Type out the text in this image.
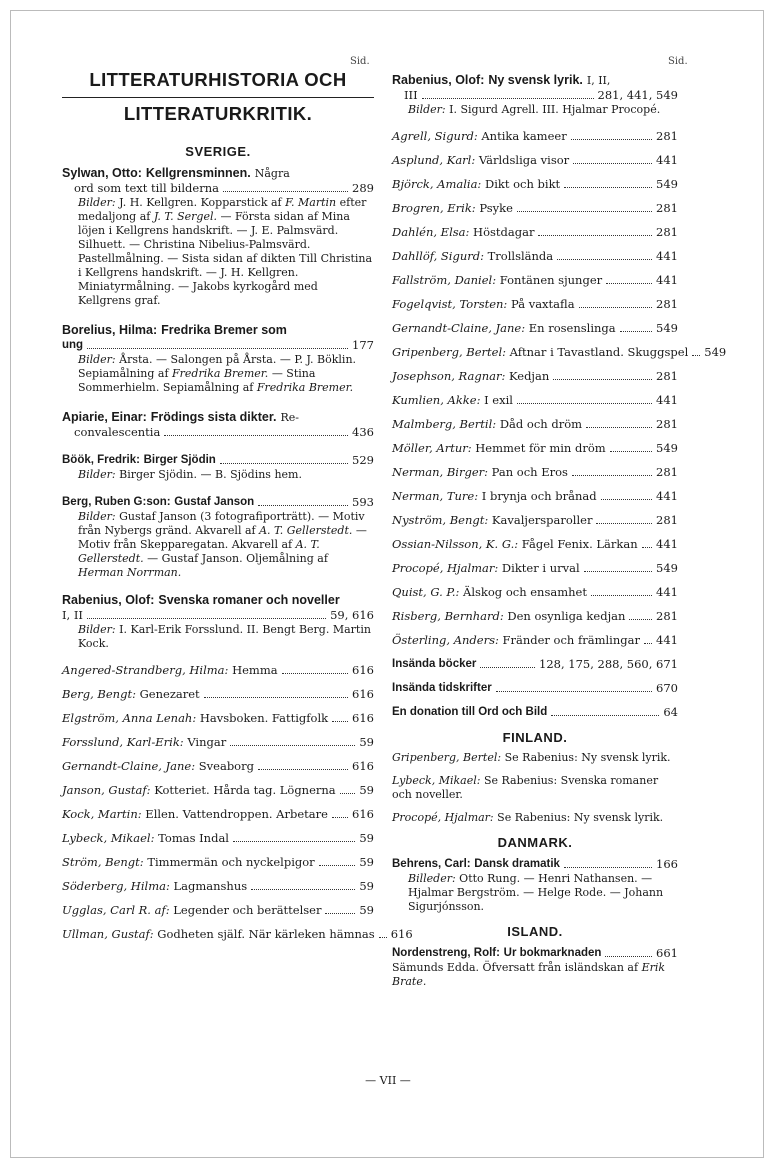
Sid.	Sid.
LITTERATURHISTORIA OCH
LITTERATURKRITIK.
SVERIGE.
Sylwan, Otto: Kellgrensminnen. Några
ord som text till bilderna	289
Bilder: J. H. Kellgren. Kopparstick af F. Martin efter medaljong af J. T. Sergel. — Första sidan af Mina löjen i Kellgrens handskrift. — J. E. Palmsvärd. Silhuett. — Christina Nibelius-Palmsvärd. Pastellmålning. — Sista sidan af dikten Till Christina i Kellgrens handskrift. — J. H. Kellgren. Miniatyrmålning. — Jakobs kyrkogård med Kellgrens graf.
Borelius, Hilma: Fredrika Bremer som
ung	177
Bilder: Årsta. — Salongen på Årsta. — P. J. Böklin. Sepiamålning af Fredrika Bremer. — Stina Sommerhielm. Sepiamålning af Fredrika Bremer.
Apiarie, Einar: Frödings sista dikter. Re-
convalescentia	436
Böök, Fredrik: Birger Sjödin	529
Bilder: Birger Sjödin. — B. Sjödins hem.
Berg, Ruben G:son: Gustaf Janson	593
Bilder: Gustaf Janson (3 fotografiporträtt). — Motiv från Nybergs gränd. Akvarell af A. T. Gellerstedt. — Motiv från Skepparegatan. Akvarell af A. T. Gellerstedt. — Gustaf Janson. Oljemålning af Herman Norrman.
Rabenius, Olof: Svenska romaner och noveller
I, II	59, 616
Bilder: I. Karl-Erik Forsslund. II. Bengt Berg. Martin Kock.
Angered-Strandberg, Hilma: Hemma	616
Berg, Bengt: Genezaret	616
Elgström, Anna Lenah: Havsboken. Fattigfolk 616
Forsslund, Karl-Erik: Vingar	59
Gernandt-Claine, Jane: Sveaborg	616
Janson, Gustaf: Kotteriet. Hårda tag. Lögnerna 59
Kock, Martin: Ellen. Vattendroppen. Arbetare 616
Lybeck, Mikael: Tomas Indal	59
Ström, Bengt: Timmermän och nyckelpigor	59
Söderberg, Hilma: Lagmanshus	59
Ugglas, Carl R. af: Legender och berättelser	59
Ullman, Gustaf: Godheten själf. När kärleken hämnas 616
Rabenius, Olof: Ny svensk lyrik. I, II,
III	281, 441, 549
Bilder: I. Sigurd Agrell. III. Hjalmar Procopé.
Agrell, Sigurd: Antika kameer	281
Asplund, Karl: Världsliga visor	441
Björck, Amalia: Dikt och bikt	549
Brogren, Erik: Psyke	281
Dahlén, Elsa: Höstdagar	281
Dahllöf, Sigurd: Trollslända	441
Fallström, Daniel: Fontänen sjunger	441
Fogelqvist, Torsten: På vaxtafla	281
Gernandt-Claine, Jane: En rosenslinga	549
Gripenberg, Bertel: Aftnar i Tavastland. Skuggspel 549
Josephson, Ragnar: Kedjan	281
Kumlien, Akke: I exil	441
Malmberg, Bertil: Dåd och dröm	281
Möller, Artur: Hemmet för min dröm	549
Nerman, Birger: Pan och Eros	281
Nerman, Ture: I brynja och brånad	441
Nyström, Bengt: Kavaljersparoller	281
Ossian-Nilsson, K. G.: Fågel Fenix. Lärkan 441
Procopé, Hjalmar: Dikter i urval	549
Quist, G. P.: Älskog och ensamhet	441
Risberg, Bernhard: Den osynliga kedjan	281
Österling, Anders: Fränder och främlingar 441
Insända böcker	128, 175, 288, 560, 671
Insända tidskrifter	670
En donation till Ord och Bild	64
FINLAND.
Gripenberg, Bertel: Se Rabenius: Ny svensk lyrik.
Lybeck, Mikael: Se Rabenius: Svenska romaner och noveller.
Procopé, Hjalmar: Se Rabenius: Ny svensk lyrik.
DANMARK.
Behrens, Carl: Dansk dramatik	166
Billeder: Otto Rung. — Henri Nathansen. — Hjalmar Bergström. — Helge Rode. — Johann Sigurjónsson.
ISLAND.
Nordenstreng, Rolf: Ur bokmarknaden	661
Sämunds Edda. Öfversatt från isländskan af Erik Brate.
— VII —
